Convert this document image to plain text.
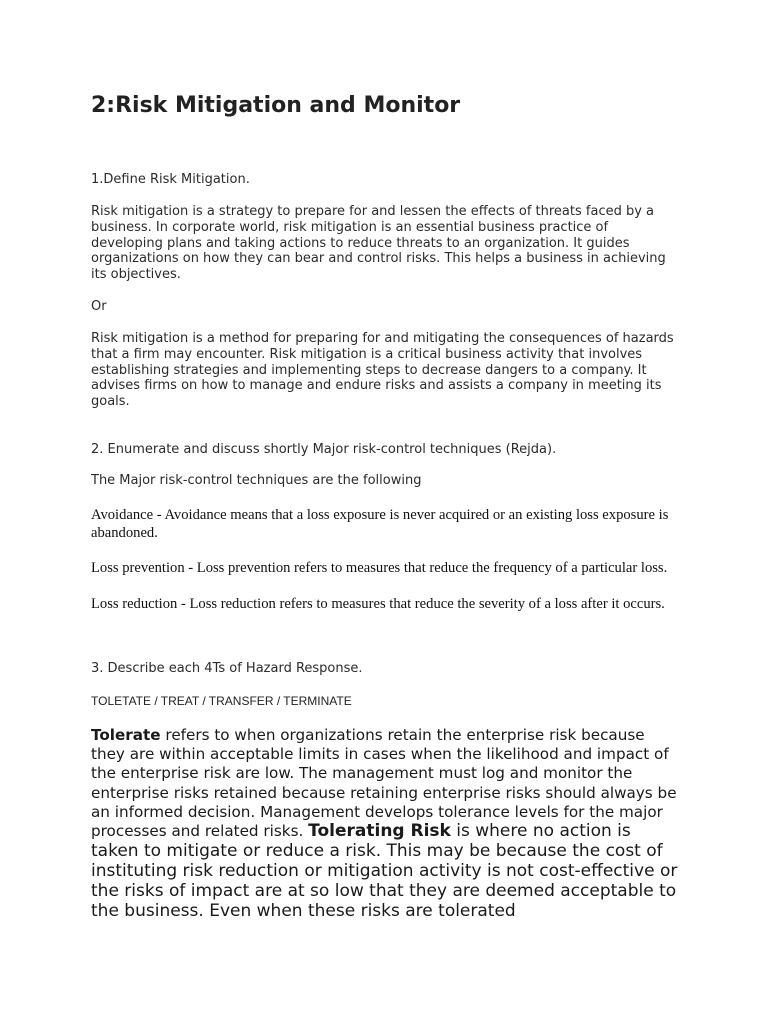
2:Risk Mitigation and Monitor

1.Define Risk Mitigation.

Risk mitigation is a strategy to prepare for and lessen the effects of threats faced by a business. In corporate world, risk mitigation is an essential business practice of developing plans and taking actions to reduce threats to an organization. It guides organizations on how they can bear and control risks. This helps a business in achieving its objectives.

Or

Risk mitigation is a method for preparing for and mitigating the consequences of hazards that a firm may encounter. Risk mitigation is a critical business activity that involves establishing strategies and implementing steps to decrease dangers to a company. It advises firms on how to manage and endure risks and assists a company in meeting its goals.

2. Enumerate and discuss shortly Major risk-control techniques (Rejda).

The Major risk-control techniques are the following

Avoidance - Avoidance means that a loss exposure is never acquired or an existing loss exposure is abandoned.

Loss prevention - Loss prevention refers to measures that reduce the frequency of a particular loss.

Loss reduction - Loss reduction refers to measures that reduce the severity of a loss after it occurs.

3. Describe each 4Ts of Hazard Response.

TOLETATE / TREAT / TRANSFER / TERMINATE

Tolerate refers to when organizations retain the enterprise risk because they are within acceptable limits in cases when the likelihood and impact of the enterprise risk are low. The management must log and monitor the enterprise risks retained because retaining enterprise risks should always be an informed decision. Management develops tolerance levels for the major processes and related risks. Tolerating Risk is where no action is taken to mitigate or reduce a risk. This may be because the cost of instituting risk reduction or mitigation activity is not cost-effective or the risks of impact are at so low that they are deemed acceptable to the business. Even when these risks are tolerated
